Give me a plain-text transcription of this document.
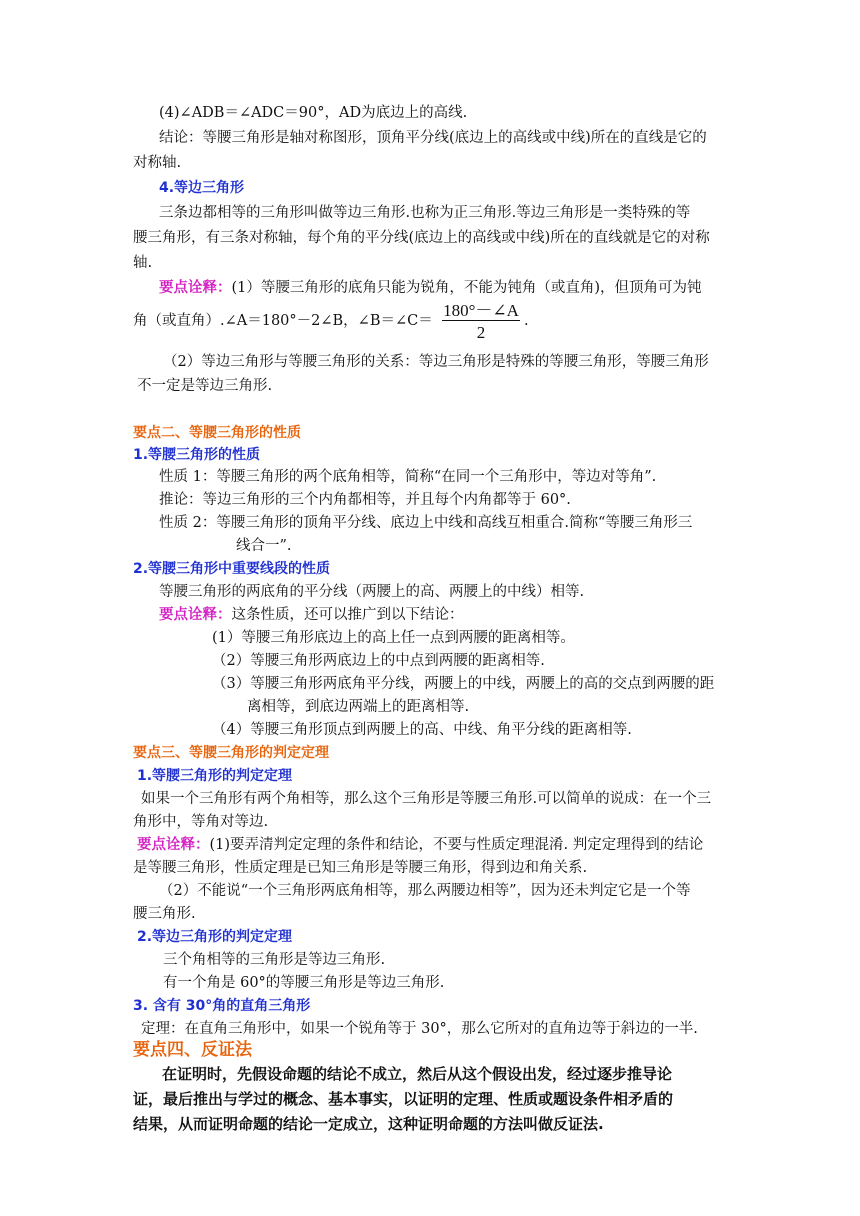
(4)∠ADB＝∠ADC＝90°，AD为底边上的高线.
结论：等腰三角形是轴对称图形，顶角平分线(底边上的高线或中线)所在的直线是它的
对称轴.
4.等边三角形
三条边都相等的三角形叫做等边三角形.也称为正三角形.等边三角形是一类特殊的等
腰三角形，有三条对称轴，每个角的平分线(底边上的高线或中线)所在的直线就是它的对称
轴.
要点诠释：(1）等腰三角形的底角只能为锐角，不能为钝角（或直角)，但顶角可为钝
角（或直角）.∠A＝180°－2∠B，∠B＝∠C＝
180°－∠A
2
.
（2）等边三角形与等腰三角形的关系：等边三角形是特殊的等腰三角形，等腰三角形
不一定是等边三角形.
要点二、等腰三角形的性质
1.等腰三角形的性质
性质 1：等腰三角形的两个底角相等，简称“在同一个三角形中，等边对等角”.
推论：等边三角形的三个内角都相等，并且每个内角都等于 60°.
性质 2：等腰三角形的顶角平分线、底边上中线和高线互相重合.简称“等腰三角形三
线合一”.
2.等腰三角形中重要线段的性质
等腰三角形的两底角的平分线（两腰上的高、两腰上的中线）相等.
要点诠释：这条性质，还可以推广到以下结论：
(1）等腰三角形底边上的高上任一点到两腰的距离相等。
（2）等腰三角形两底边上的中点到两腰的距离相等.
（3）等腰三角形两底角平分线，两腰上的中线，两腰上的高的交点到两腰的距
离相等，到底边两端上的距离相等.
（4）等腰三角形顶点到两腰上的高、中线、角平分线的距离相等.
要点三、等腰三角形的判定定理
1.等腰三角形的判定定理
如果一个三角形有两个角相等，那么这个三角形是等腰三角形.可以简单的说成：在一个三
角形中，等角对等边.
要点诠释：(1)要弄清判定定理的条件和结论，不要与性质定理混淆. 判定定理得到的结论
是等腰三角形，性质定理是已知三角形是等腰三角形，得到边和角关系.
（2）不能说“一个三角形两底角相等，那么两腰边相等”，因为还未判定它是一个等
腰三角形.
2.等边三角形的判定定理
三个角相等的三角形是等边三角形.
有一个角是 60°的等腰三角形是等边三角形.
3. 含有 30°角的直角三角形
定理：在直角三角形中，如果一个锐角等于 30°，那么它所对的直角边等于斜边的一半.
要点四、反证法
在证明时，先假设命题的结论不成立，然后从这个假设出发，经过逐步推导论
证，最后推出与学过的概念、基本事实，以证明的定理、性质或题设条件相矛盾的
结果，从而证明命题的结论一定成立，这种证明命题的方法叫做反证法.
